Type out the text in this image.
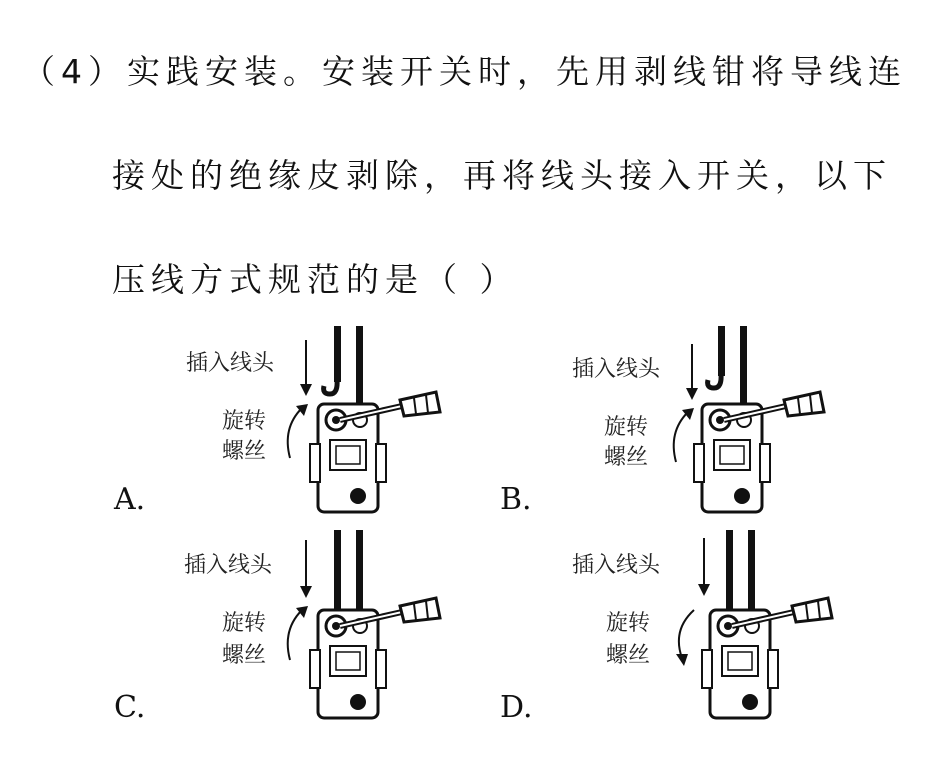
（4）实践安装。安装开关时，先用剥线钳将导线连
接处的绝缘皮剥除，再将线头接入开关，以下
压线方式规范的是（ ）
A.
插入线头
旋转
螺丝
B.
插入线头
旋转
螺丝
C.
插入线头
旋转
螺丝
D.
插入线头
旋转
螺丝
